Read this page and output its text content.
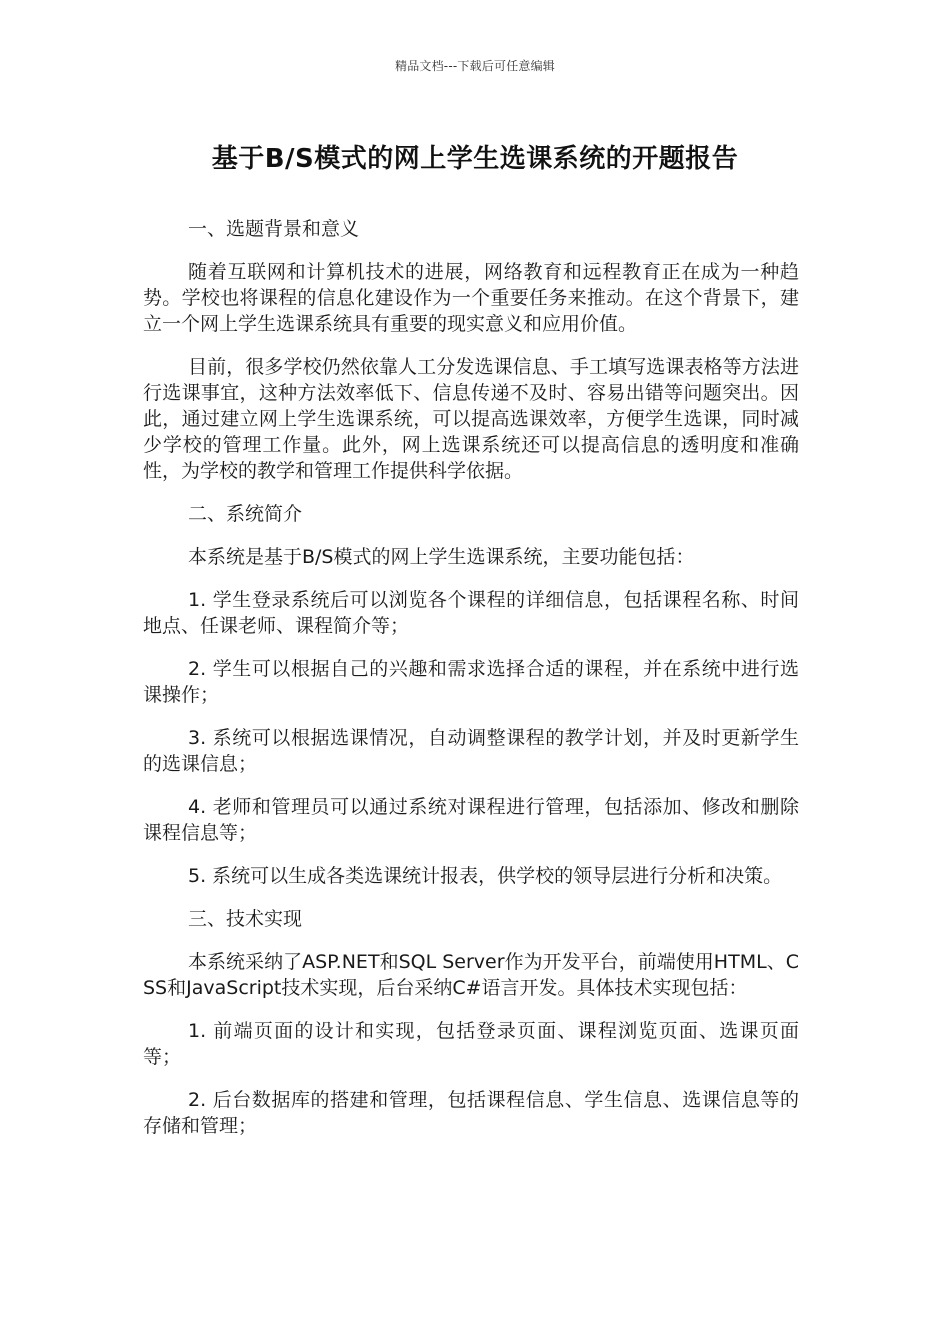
精品文档---下载后可任意编辑
基于B/S模式的网上学生选课系统的开题报告

一、选题背景和意义

随着互联网和计算机技术的进展，网络教育和远程教育正在成为一种趋势。学校也将课程的信息化建设作为一个重要任务来推动。在这个背景下，建立一个网上学生选课系统具有重要的现实意义和应用价值。

目前，很多学校仍然依靠人工分发选课信息、手工填写选课表格等方法进行选课事宜，这种方法效率低下、信息传递不及时、容易出错等问题突出。因此，通过建立网上学生选课系统，可以提高选课效率，方便学生选课，同时减少学校的管理工作量。此外，网上选课系统还可以提高信息的透明度和准确性，为学校的教学和管理工作提供科学依据。

二、系统简介

本系统是基于B/S模式的网上学生选课系统，主要功能包括：

1. 学生登录系统后可以浏览各个课程的详细信息，包括课程名称、时间地点、任课老师、课程简介等；

2. 学生可以根据自己的兴趣和需求选择合适的课程，并在系统中进行选课操作；

3. 系统可以根据选课情况，自动调整课程的教学计划，并及时更新学生的选课信息；

4. 老师和管理员可以通过系统对课程进行管理，包括添加、修改和删除课程信息等；

5. 系统可以生成各类选课统计报表，供学校的领导层进行分析和决策。

三、技术实现

本系统采纳了ASP.NET和SQL Server作为开发平台，前端使用HTML、CSS和JavaScript技术实现，后台采纳C#语言开发。具体技术实现包括：

1. 前端页面的设计和实现，包括登录页面、课程浏览页面、选课页面等；

2. 后台数据库的搭建和管理，包括课程信息、学生信息、选课信息等的存储和管理；
